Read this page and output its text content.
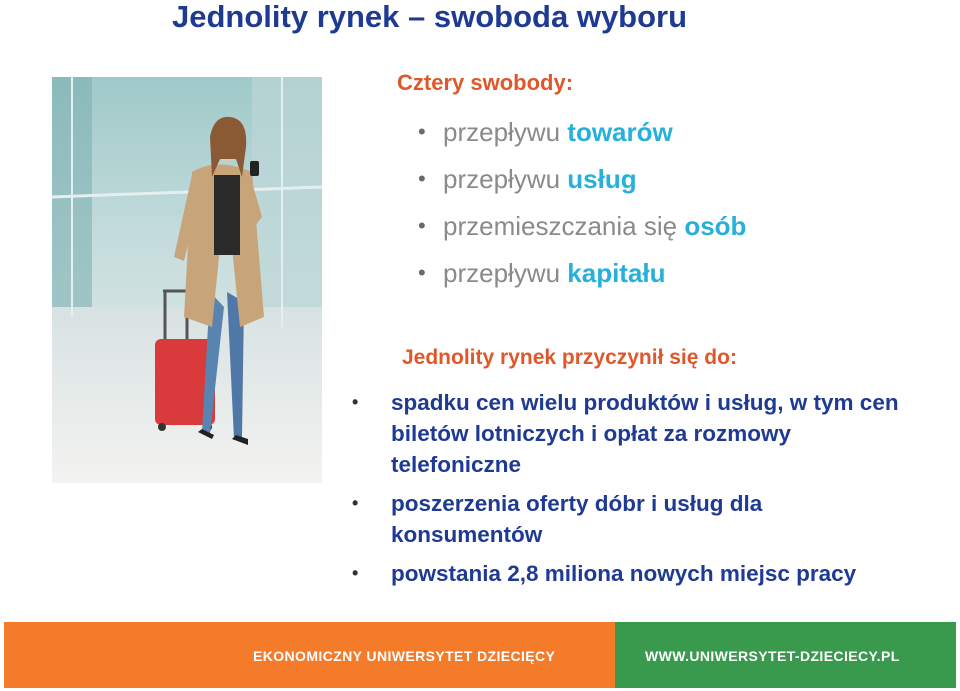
Jednolity rynek – swoboda wyboru
Cztery swobody:
• przepływu towarów
• przepływu usług
• przemieszczania się osób
• przepływu kapitału
Jednolity rynek przyczynił się do:
• spadku cen wielu produktów i usług, w tym cen biletów lotniczych i opłat za rozmowy telefoniczne
• poszerzenia oferty dóbr i usług dla konsumentów
• powstania 2,8 miliona nowych miejsc pracy
EKONOMICZNY UNIWERSYTET DZIECIĘCY	WWW.UNIWERSYTET-DZIECIECY.PL
